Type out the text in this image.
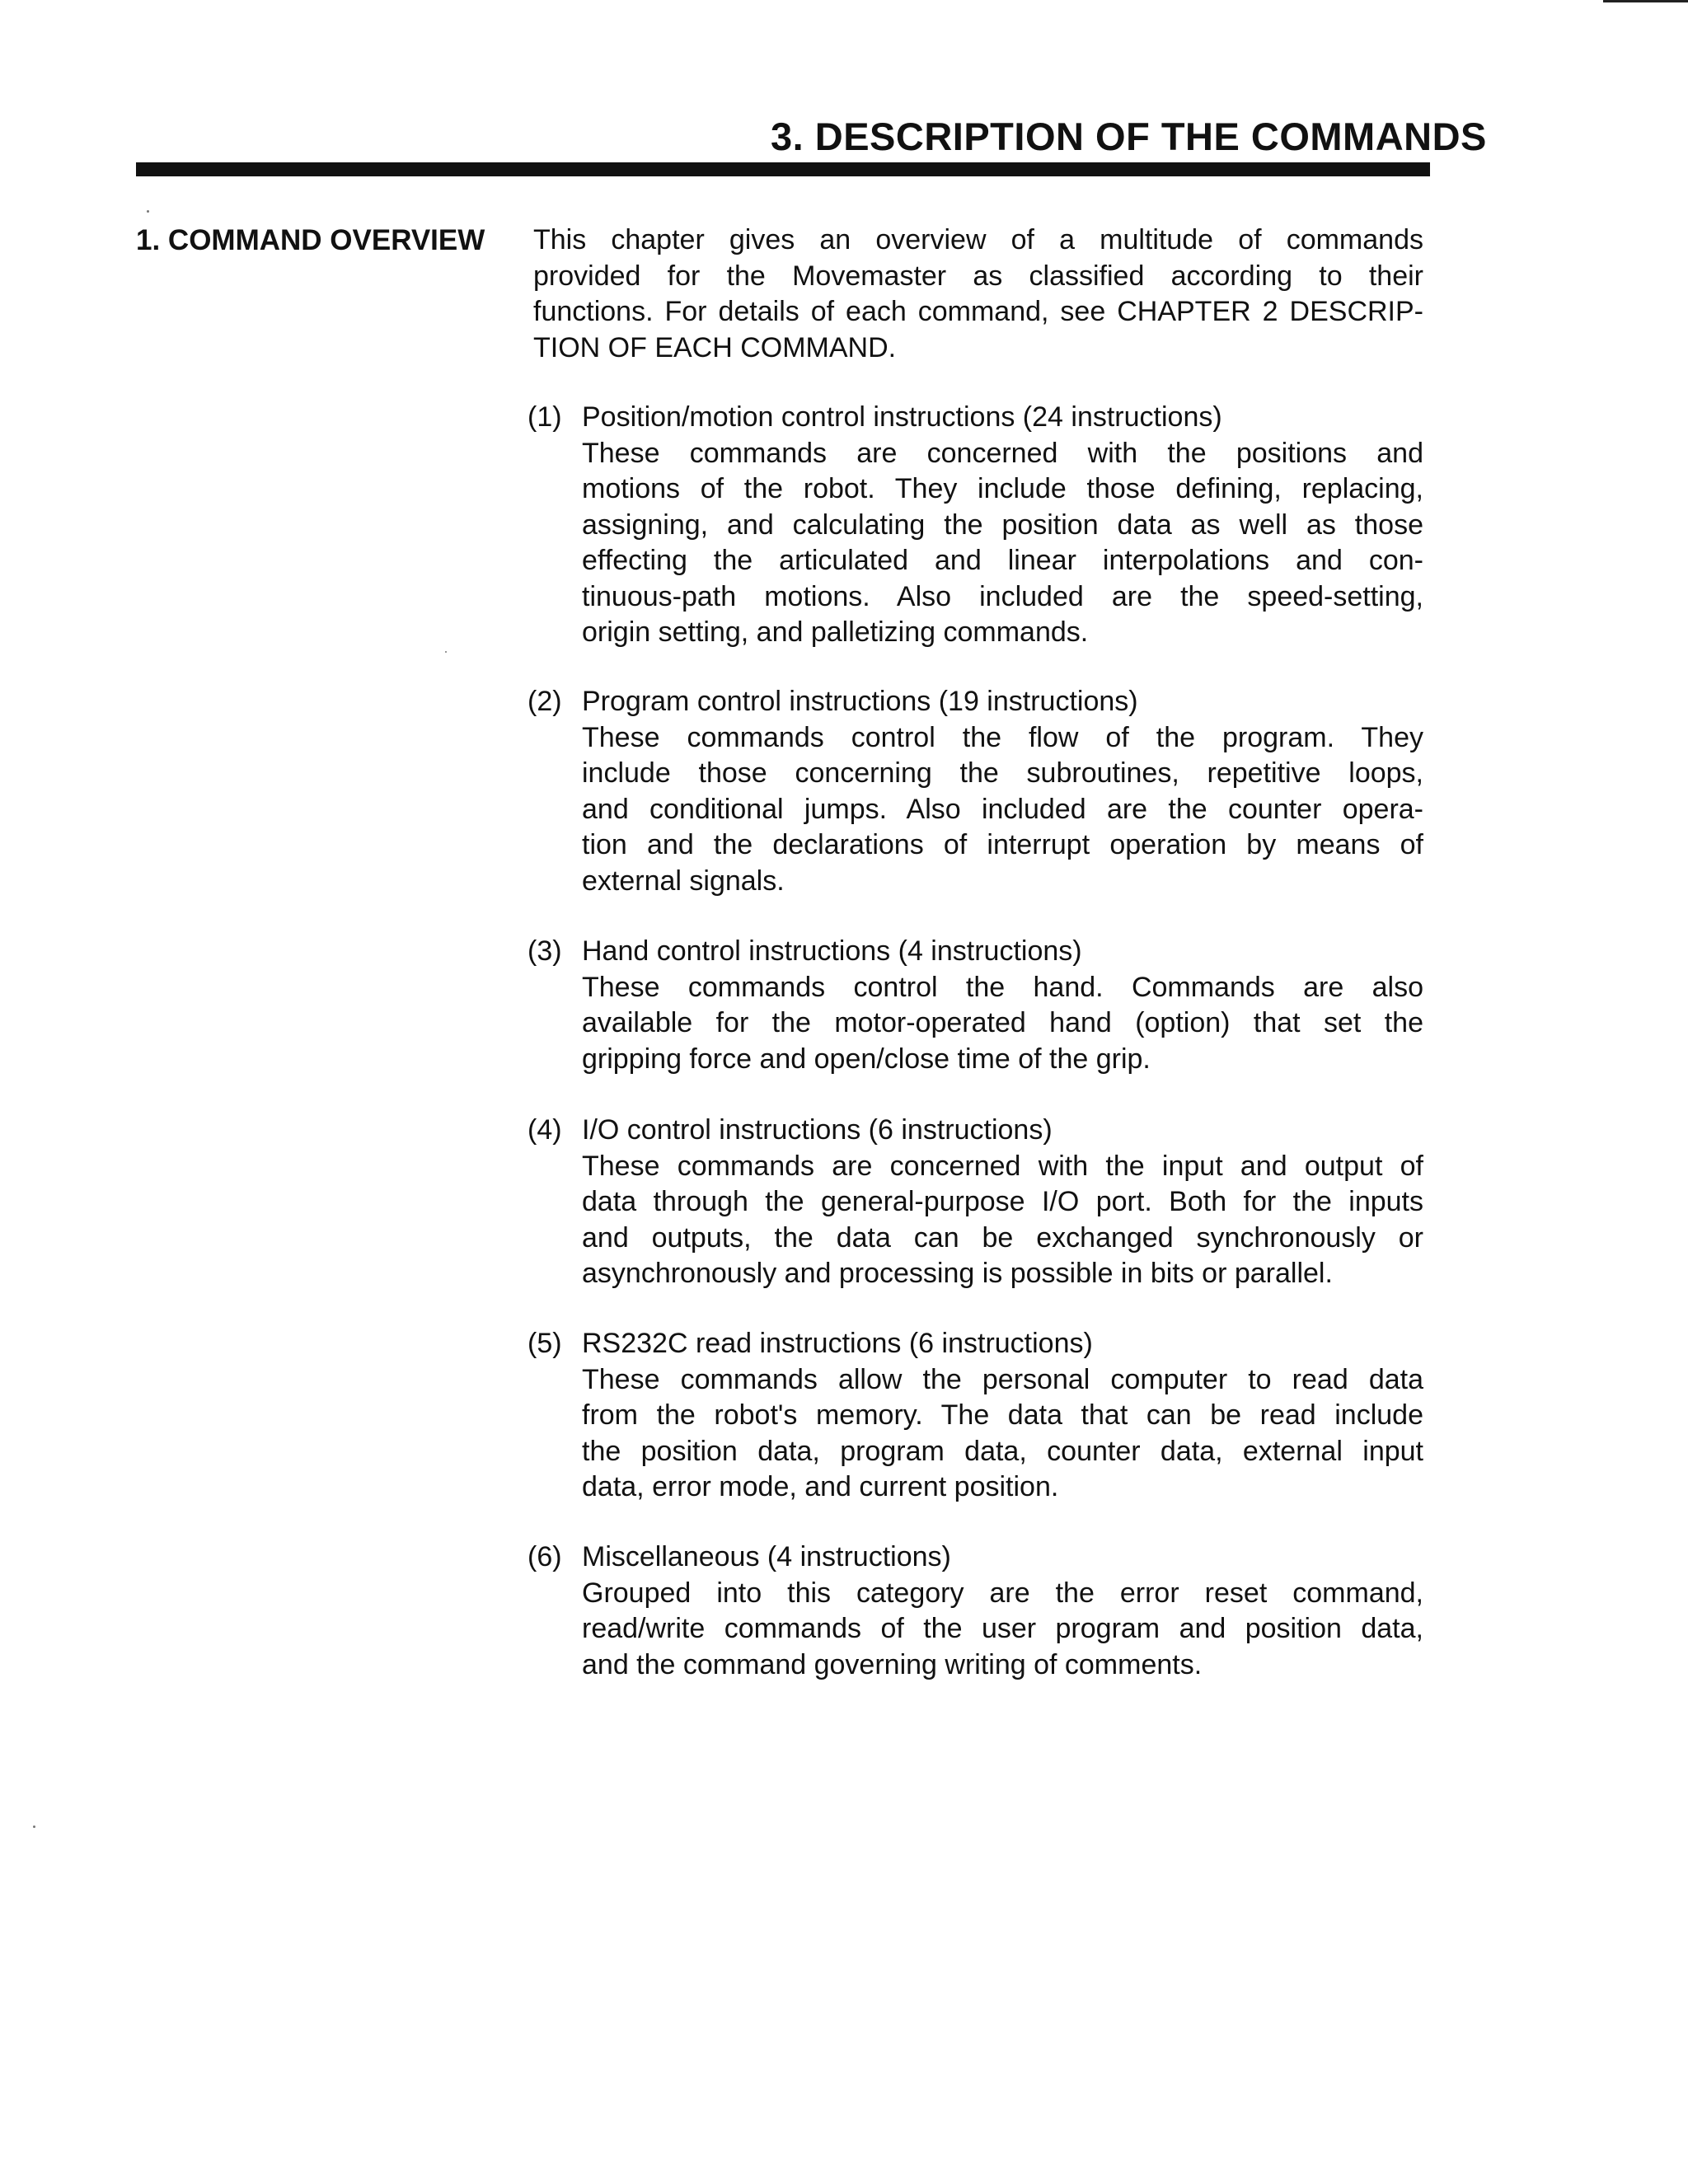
3. DESCRIPTION OF THE COMMANDS
1. COMMAND OVERVIEW This chapter gives an overview of a multitude of commands
provided for the Movemaster as classified according to their
functions. For details of each command, see CHAPTER 2 DESCRIP-
TION OF EACH COMMAND.
(1) Position/motion control instructions (24 instructions)
These commands are concerned with the positions and
motions of the robot. They include those defining, replacing,
assigning, and calculating the position data as well as those
effecting the articulated and linear interpolations and con-
tinuous-path motions. Also included are the speed-setting,
origin setting, and palletizing commands.
(2) Program control instructions (19 instructions)
These commands control the flow of the program. They
include those concerning the subroutines, repetitive loops,
and conditional jumps. Also included are the counter opera-
tion and the declarations of interrupt operation by means of
external signals.
(3) Hand control instructions (4 instructions)
These commands control the hand. Commands are also
available for the motor-operated hand (option) that set the
gripping force and open/close time of the grip.
(4) I/O control instructions (6 instructions)
These commands are concerned with the input and output of
data through the general-purpose I/O port. Both for the inputs
and outputs, the data can be exchanged synchronously or
asynchronously and processing is possible in bits or parallel.
(5) RS232C read instructions (6 instructions)
These commands allow the personal computer to read data
from the robot's memory. The data that can be read include
the position data, program data, counter data, external input
data, error mode, and current position.
(6) Miscellaneous (4 instructions)
Grouped into this category are the error reset command,
read/write commands of the user program and position data,
and the command governing writing of comments.
